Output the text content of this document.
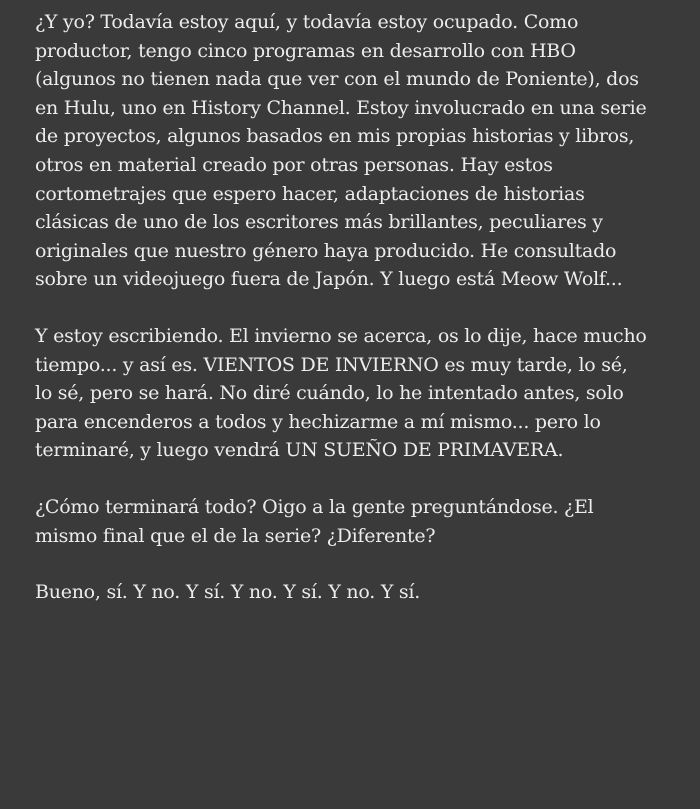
¿Y yo? Todavía estoy aquí, y todavía estoy ocupado. Como
productor, tengo cinco programas en desarrollo con HBO
(algunos no tienen nada que ver con el mundo de Poniente), dos
en Hulu, uno en History Channel. Estoy involucrado en una serie
de proyectos, algunos basados en mis propias historias y libros,
otros en material creado por otras personas. Hay estos
cortometrajes que espero hacer, adaptaciones de historias
clásicas de uno de los escritores más brillantes, peculiares y
originales que nuestro género haya producido. He consultado
sobre un videojuego fuera de Japón. Y luego está Meow Wolf...

Y estoy escribiendo. El invierno se acerca, os lo dije, hace mucho
tiempo... y así es. VIENTOS DE INVIERNO es muy tarde, lo sé,
lo sé, pero se hará. No diré cuándo, lo he intentado antes, solo
para encenderos a todos y hechizarme a mí mismo... pero lo
terminaré, y luego vendrá UN SUEÑO DE PRIMAVERA.

¿Cómo terminará todo? Oigo a la gente preguntándose. ¿El
mismo final que el de la serie? ¿Diferente?

Bueno, sí. Y no. Y sí. Y no. Y sí. Y no. Y sí.
